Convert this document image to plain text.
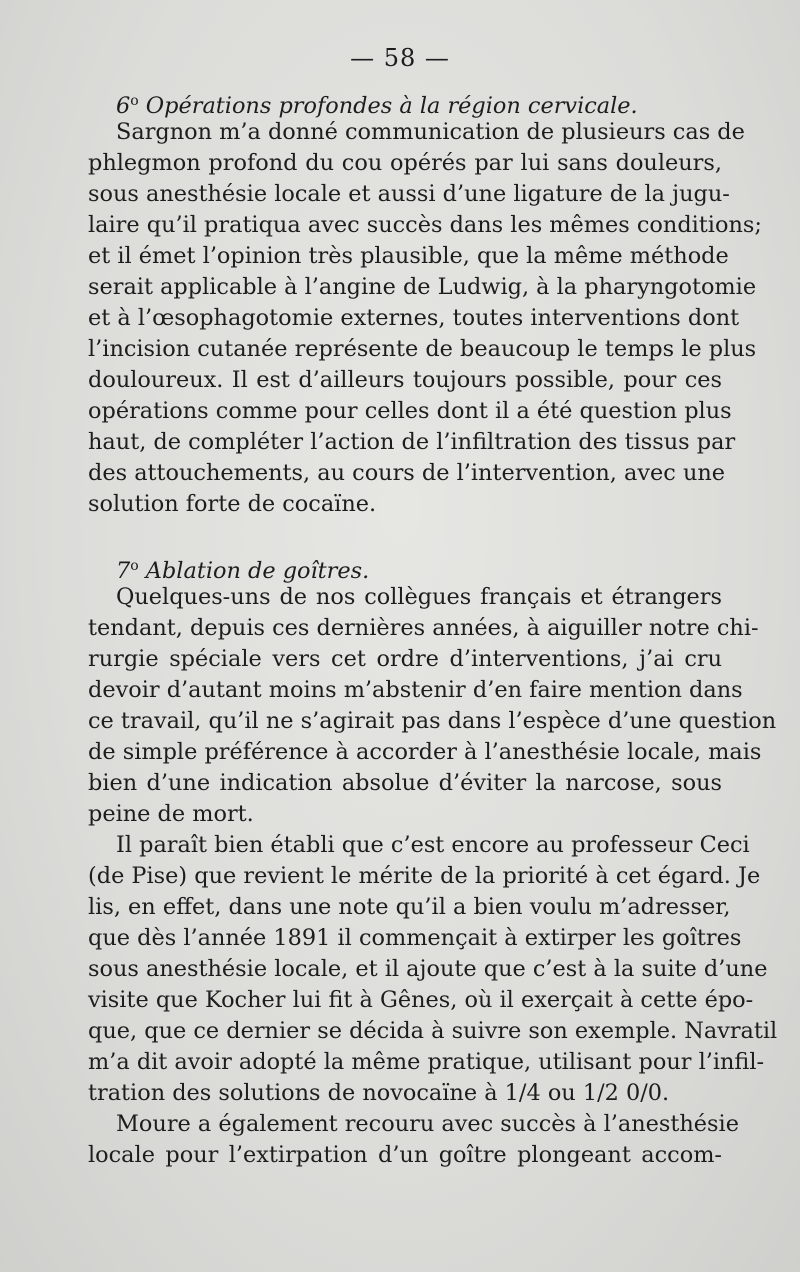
— 58 —
6$^o$ Opérations profondes à la région cervicale.
Sargnon m’a donné communication de plusieurs cas de
phlegmon profond du cou opérés par lui sans douleurs,
sous anesthésie locale et aussi d’une ligature de la jugu-
laire qu’il pratiqua avec succès dans les mêmes conditions;
et il émet l’opinion très plausible, que la même méthode
serait applicable à l’angine de Ludwig, à la pharyngotomie
et à l’œsophagotomie externes, toutes interventions dont
l’incision cutanée représente de beaucoup le temps le plus
douloureux. Il est d’ailleurs toujours possible, pour ces
opérations comme pour celles dont il a été question plus
haut, de compléter l’action de l’infiltration des tissus par
des attouchements, au cours de l’intervention, avec une
solution forte de cocaïne.
7$^o$ Ablation de goîtres.
Quelques-uns de nos collègues français et étrangers
tendant, depuis ces dernières années, à aiguiller notre chi-
rurgie spéciale vers cet ordre d’interventions, j’ai cru
devoir d’autant moins m’abstenir d’en faire mention dans
ce travail, qu’il ne s’agirait pas dans l’espèce d’une question
de simple préférence à accorder à l’anesthésie locale, mais
bien d’une indication absolue d’éviter la narcose, sous
peine de mort.
Il paraît bien établi que c’est encore au professeur Ceci
(de Pise) que revient le mérite de la priorité à cet égard. Je
lis, en effet, dans une note qu’il a bien voulu m’adresser,
que dès l’année 1891 il commençait à extirper les goîtres
sous anesthésie locale, et il ajoute que c’est à la suite d’une
visite que Kocher lui fit à Gênes, où il exerçait à cette épo-
que, que ce dernier se décida à suivre son exemple. Navratil
m’a dit avoir adopté la même pratique, utilisant pour l’infil-
tration des solutions de novocaïne à 1/4 ou 1/2 0/0.
Moure a également recouru avec succès à l’anesthésie
locale pour l’extirpation d’un goître plongeant accom-
